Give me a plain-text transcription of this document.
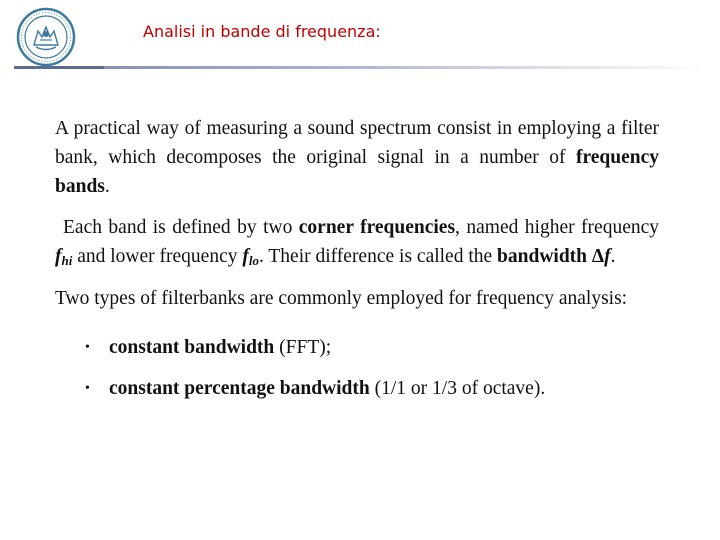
Analisi in bande di frequenza:

A practical way of measuring a sound spectrum consist in employing a filter bank, which decomposes the original signal in a number of frequency bands.

Each band is defined by two corner frequencies, named higher frequency fhi and lower frequency flo. Their difference is called the bandwidth Δf.

Two types of filterbanks are commonly employed for frequency analysis:

• constant bandwidth (FFT);
• constant percentage bandwidth (1/1 or 1/3 of octave).
